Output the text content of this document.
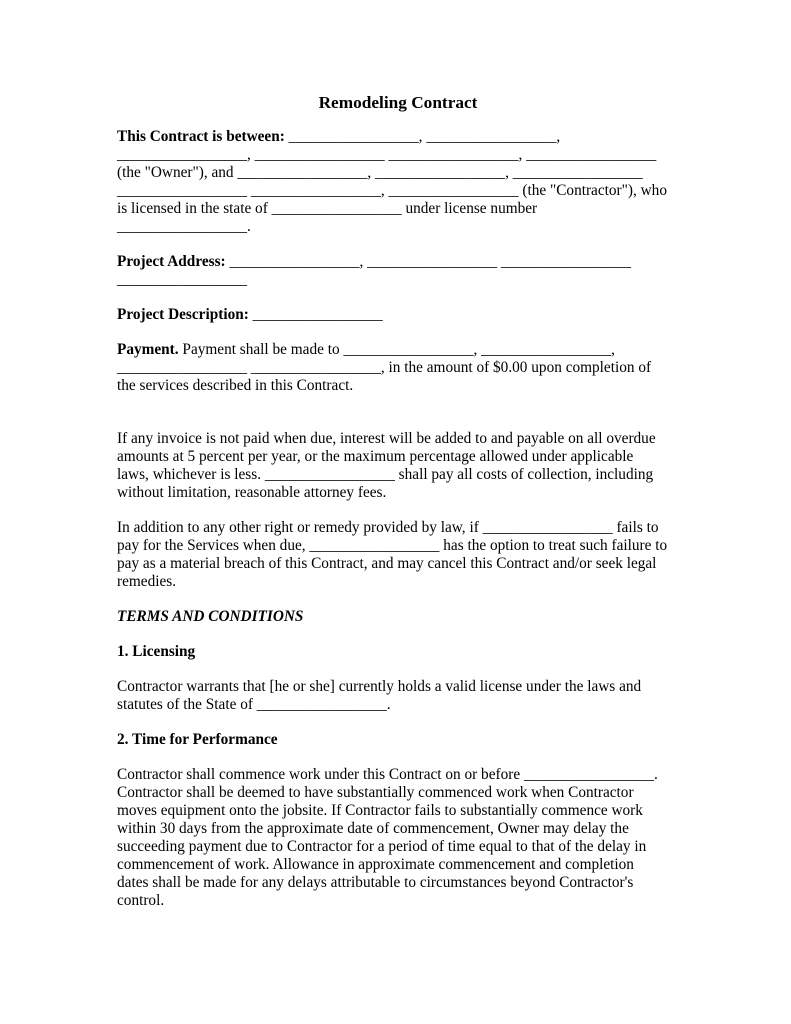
Remodeling Contract

This Contract is between: _________________, _________________,

_________________, _________________ _________________, _________________

(the "Owner"), and _________________, _________________, _________________

_________________ _________________, _________________ (the "Contractor"), who

is licensed in the state of _________________ under license number

_________________.

Project Address: _________________, _________________ _________________

_________________

Project Description: _________________

Payment. Payment shall be made to _________________, _________________,

_________________ _________________, in the amount of $0.00 upon completion of

the services described in this Contract.

If any invoice is not paid when due, interest will be added to and payable on all overdue

amounts at 5 percent per year, or the maximum percentage allowed under applicable

laws, whichever is less. _________________ shall pay all costs of collection, including

without limitation, reasonable attorney fees.

In addition to any other right or remedy provided by law, if _________________ fails to

pay for the Services when due, _________________ has the option to treat such failure to

pay as a material breach of this Contract, and may cancel this Contract and/or seek legal

remedies.

TERMS AND CONDITIONS

1. Licensing

Contractor warrants that [he or she] currently holds a valid license under the laws and

statutes of the State of _________________.

2. Time for Performance

Contractor shall commence work under this Contract on or before _________________.

Contractor shall be deemed to have substantially commenced work when Contractor

moves equipment onto the jobsite. If Contractor fails to substantially commence work

within 30 days from the approximate date of commencement, Owner may delay the

succeeding payment due to Contractor for a period of time equal to that of the delay in

commencement of work. Allowance in approximate commencement and completion

dates shall be made for any delays attributable to circumstances beyond Contractor's

control.
